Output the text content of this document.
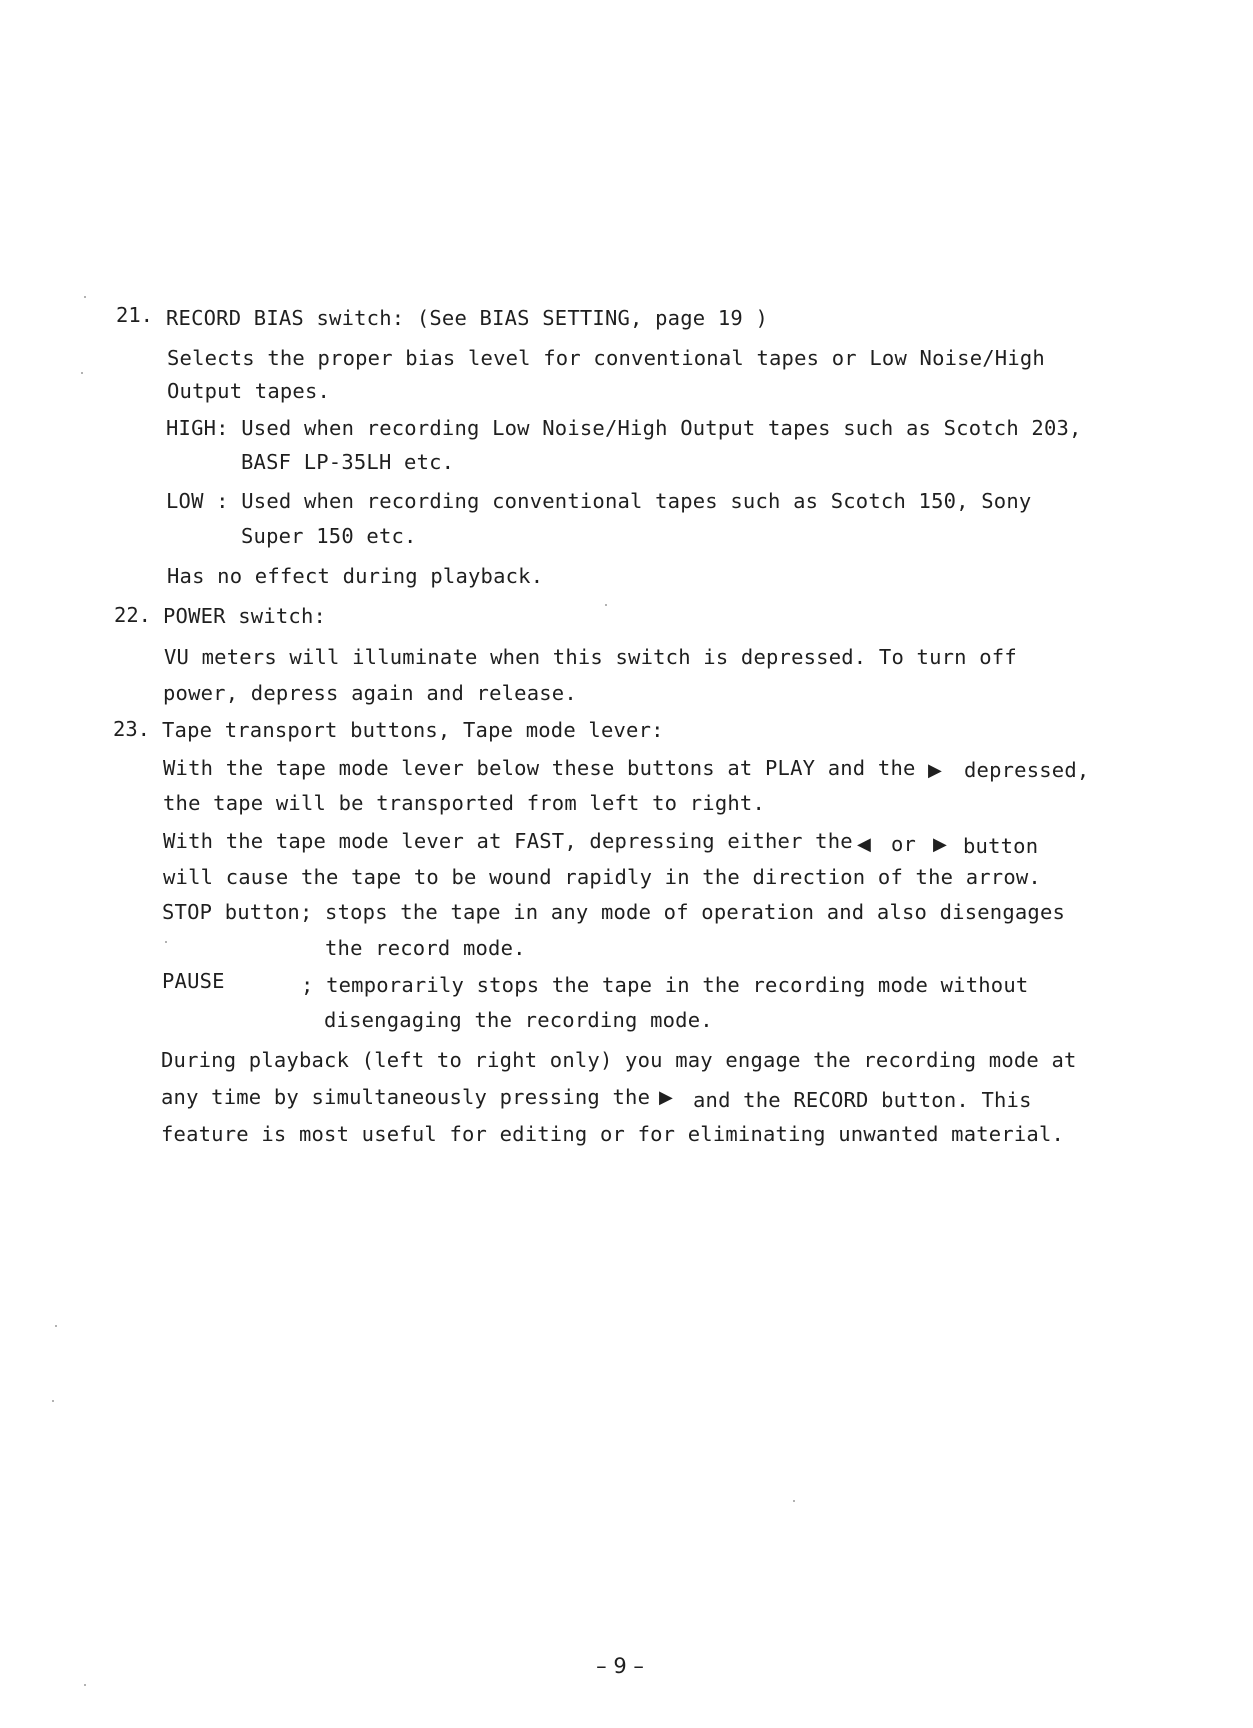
21. RECORD BIAS switch: (See BIAS SETTING, page 19 )
Selects the proper bias level for conventional tapes or Low Noise/High
Output tapes.
HIGH: Used when recording Low Noise/High Output tapes such as Scotch 203,
BASF LP-35LH etc.
LOW : Used when recording conventional tapes such as Scotch 150, Sony
Super 150 etc.
Has no effect during playback.
22. POWER switch:
VU meters will illuminate when this switch is depressed. To turn off
power, depress again and release.
23. Tape transport buttons, Tape mode lever:
With the tape mode lever below these buttons at PLAY and the ▶ depressed,
the tape will be transported from left to right.
With the tape mode lever at FAST, depressing either the ◀ or ▶ button
will cause the tape to be wound rapidly in the direction of the arrow.
STOP button; stops the tape in any mode of operation and also disengages
the record mode.
PAUSE	; temporarily stops the tape in the recording mode without
disengaging the recording mode.
During playback (left to right only) you may engage the recording mode at
any time by simultaneously pressing the ▶ and the RECORD button. This
feature is most useful for editing or for eliminating unwanted material.
– 9 –
